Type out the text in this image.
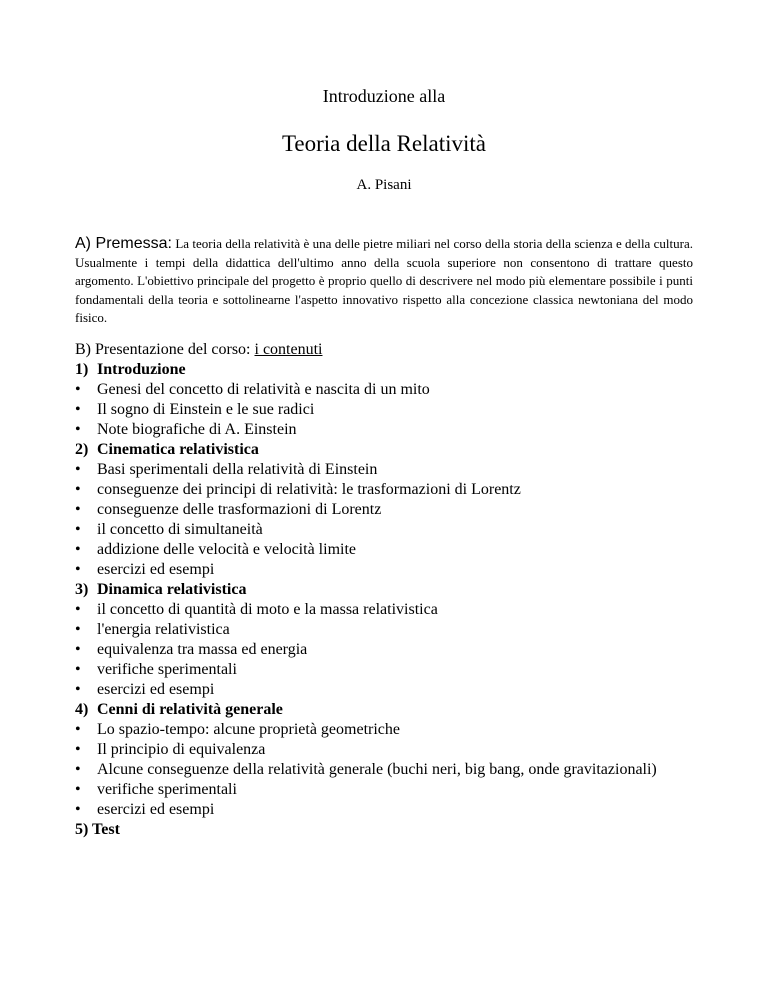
Introduzione alla
Teoria della Relatività
A. Pisani
A) Premessa: La teoria della relatività è una delle pietre miliari nel corso della storia della scienza e della cultura. Usualmente i tempi della didattica dell'ultimo anno della scuola superiore non consentono di trattare questo argomento. L'obiettivo principale del progetto è proprio quello di descrivere nel modo più elementare possibile i punti fondamentali della teoria e sottolinearne l'aspetto innovativo rispetto alla concezione classica newtoniana del modo fisico.
B) Presentazione del corso: i contenuti
1) Introduzione
•	Genesi del concetto di relatività e nascita di un mito
•	Il sogno di Einstein e le sue radici
•	Note biografiche di A. Einstein
2) Cinematica relativistica
•	Basi sperimentali della relatività di Einstein
•	conseguenze dei principi di relatività: le trasformazioni di Lorentz
•	conseguenze delle trasformazioni di Lorentz
•	il concetto di simultaneità
•	addizione delle velocità e velocità limite
•	esercizi ed esempi
3) Dinamica relativistica
•	il concetto di quantità di moto e la massa relativistica
•	l'energia relativistica
•	equivalenza tra massa ed energia
•	verifiche sperimentali
•	esercizi ed esempi
4) Cenni di relatività generale
•	Lo spazio-tempo: alcune proprietà geometriche
•	Il principio di equivalenza
•	Alcune conseguenze della relatività generale (buchi neri, big bang, onde gravitazionali)
•	verifiche sperimentali
•	esercizi ed esempi
5) Test
